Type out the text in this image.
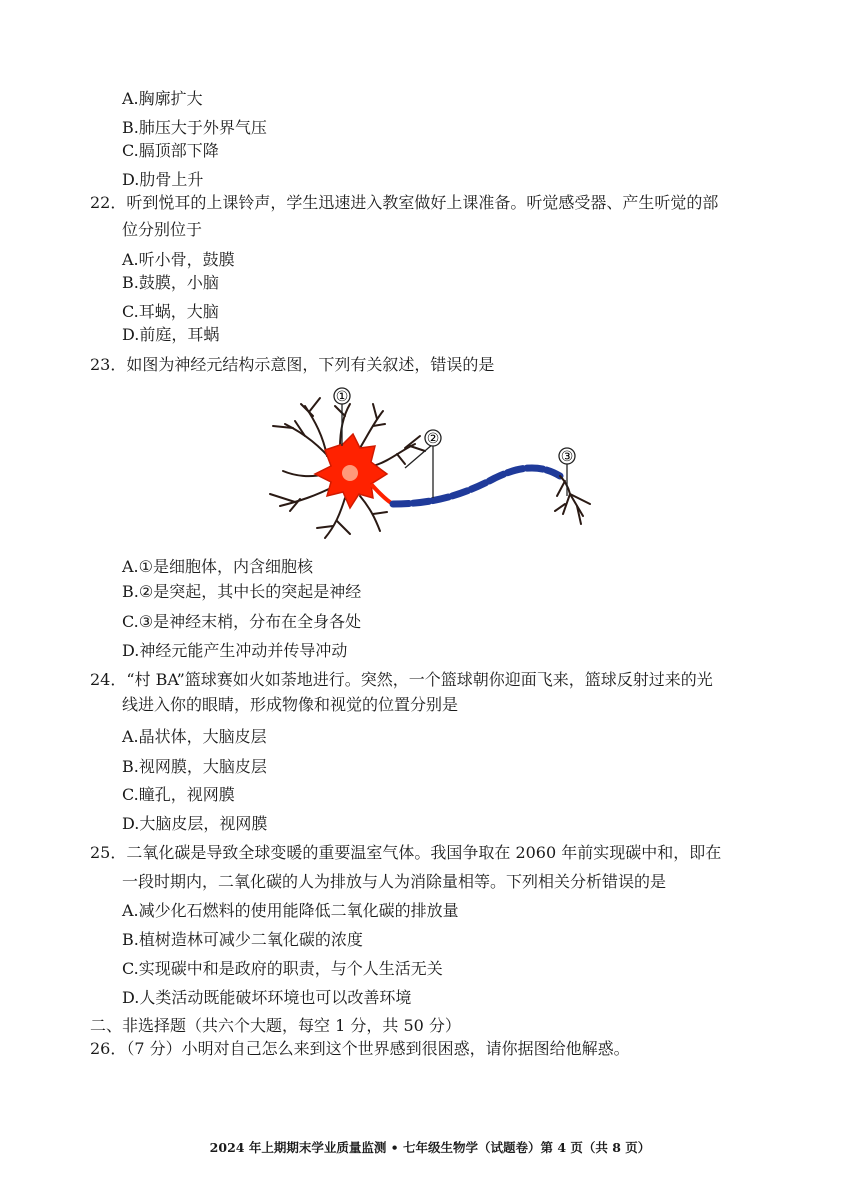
A.胸廓扩大
B.肺压大于外界气压
C.膈顶部下降
D.肋骨上升
22．听到悦耳的上课铃声，学生迅速进入教室做好上课准备。听觉感受器、产生听觉的部
位分别位于
A.听小骨，鼓膜
B.鼓膜，小脑
C.耳蜗，大脑
D.前庭，耳蜗
23．如图为神经元结构示意图，下列有关叙述，错误的是
①
②
③
A.①是细胞体，内含细胞核
B.②是突起，其中长的突起是神经
C.③是神经末梢，分布在全身各处
D.神经元能产生冲动并传导冲动
24．“村 BA”篮球赛如火如荼地进行。突然，一个篮球朝你迎面飞来，篮球反射过来的光
线进入你的眼睛，形成物像和视觉的位置分别是
A.晶状体，大脑皮层
B.视网膜，大脑皮层
C.瞳孔，视网膜
D.大脑皮层，视网膜
25．二氧化碳是导致全球变暖的重要温室气体。我国争取在 2060 年前实现碳中和，即在
一段时期内，二氧化碳的人为排放与人为消除量相等。下列相关分析错误的是
A.减少化石燃料的使用能降低二氧化碳的排放量
B.植树造林可减少二氧化碳的浓度
C.实现碳中和是政府的职责，与个人生活无关
D.人类活动既能破坏环境也可以改善环境
二、非选择题（共六个大题，每空 1 分，共 50 分）
26．（7 分）小明对自己怎么来到这个世界感到很困惑，请你据图给他解惑。
2024 年上期期末学业质量监测 • 七年级生物学（试题卷）第 4 页（共 8 页）
